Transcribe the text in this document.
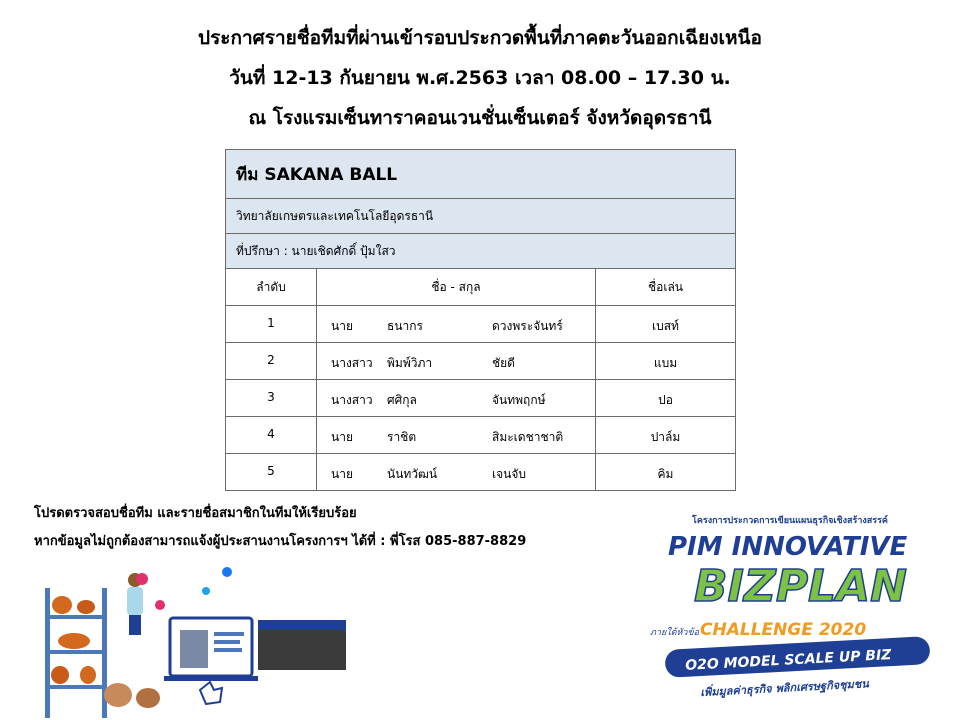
ประกาศรายชื่อทีมที่ผ่านเข้ารอบประกวดพื้นที่ภาคตะวันออกเฉียงเหนือ
วันที่ 12-13 กันยายน พ.ศ.2563 เวลา 08.00 – 17.30 น.
ณ โรงแรมเซ็นทาราคอนเวนชั่นเซ็นเตอร์ จังหวัดอุดรธานี
ทีม SAKANA BALL		
วิทยาลัยเกษตรและเทคโนโลยีอุดรธานี		
ที่ปรึกษา : นายเชิดศักดิ์ ปุ้มใสว		
ลำดับ	ชื่อ - สกุล	ชื่อเล่น

1	นาย ธนากร ดวงพระจันทร์	เบสท์

2	นางสาว พิมพ์วิภา ชัยดี	แบม

3	นางสาว ศศิกุล จันทพฤกษ์	ปอ

4	นาย ราชิต สิมะเดชาชาติ	ปาล์ม

5	นาย นันทวัฒน์ เจนจับ	คิม
โปรดตรวจสอบชื่อทีม และรายชื่อสมาชิกในทีมให้เรียบร้อย
หากข้อมูลไม่ถูกต้องสามารถแจ้งผู้ประสานงานโครงการฯ ได้ที่ : พี่โรส 085-887-8829
โครงการประกวดการเขียนแผนธุรกิจเชิงสร้างสรรค์
PIM INNOVATIVE
BIZPLAN
ภายใต้หัวข้อ CHALLENGE 2020
O2O MODEL SCALE UP BIZ
เพิ่มมูลค่าธุรกิจ พลิกเศรษฐกิจชุมชน
